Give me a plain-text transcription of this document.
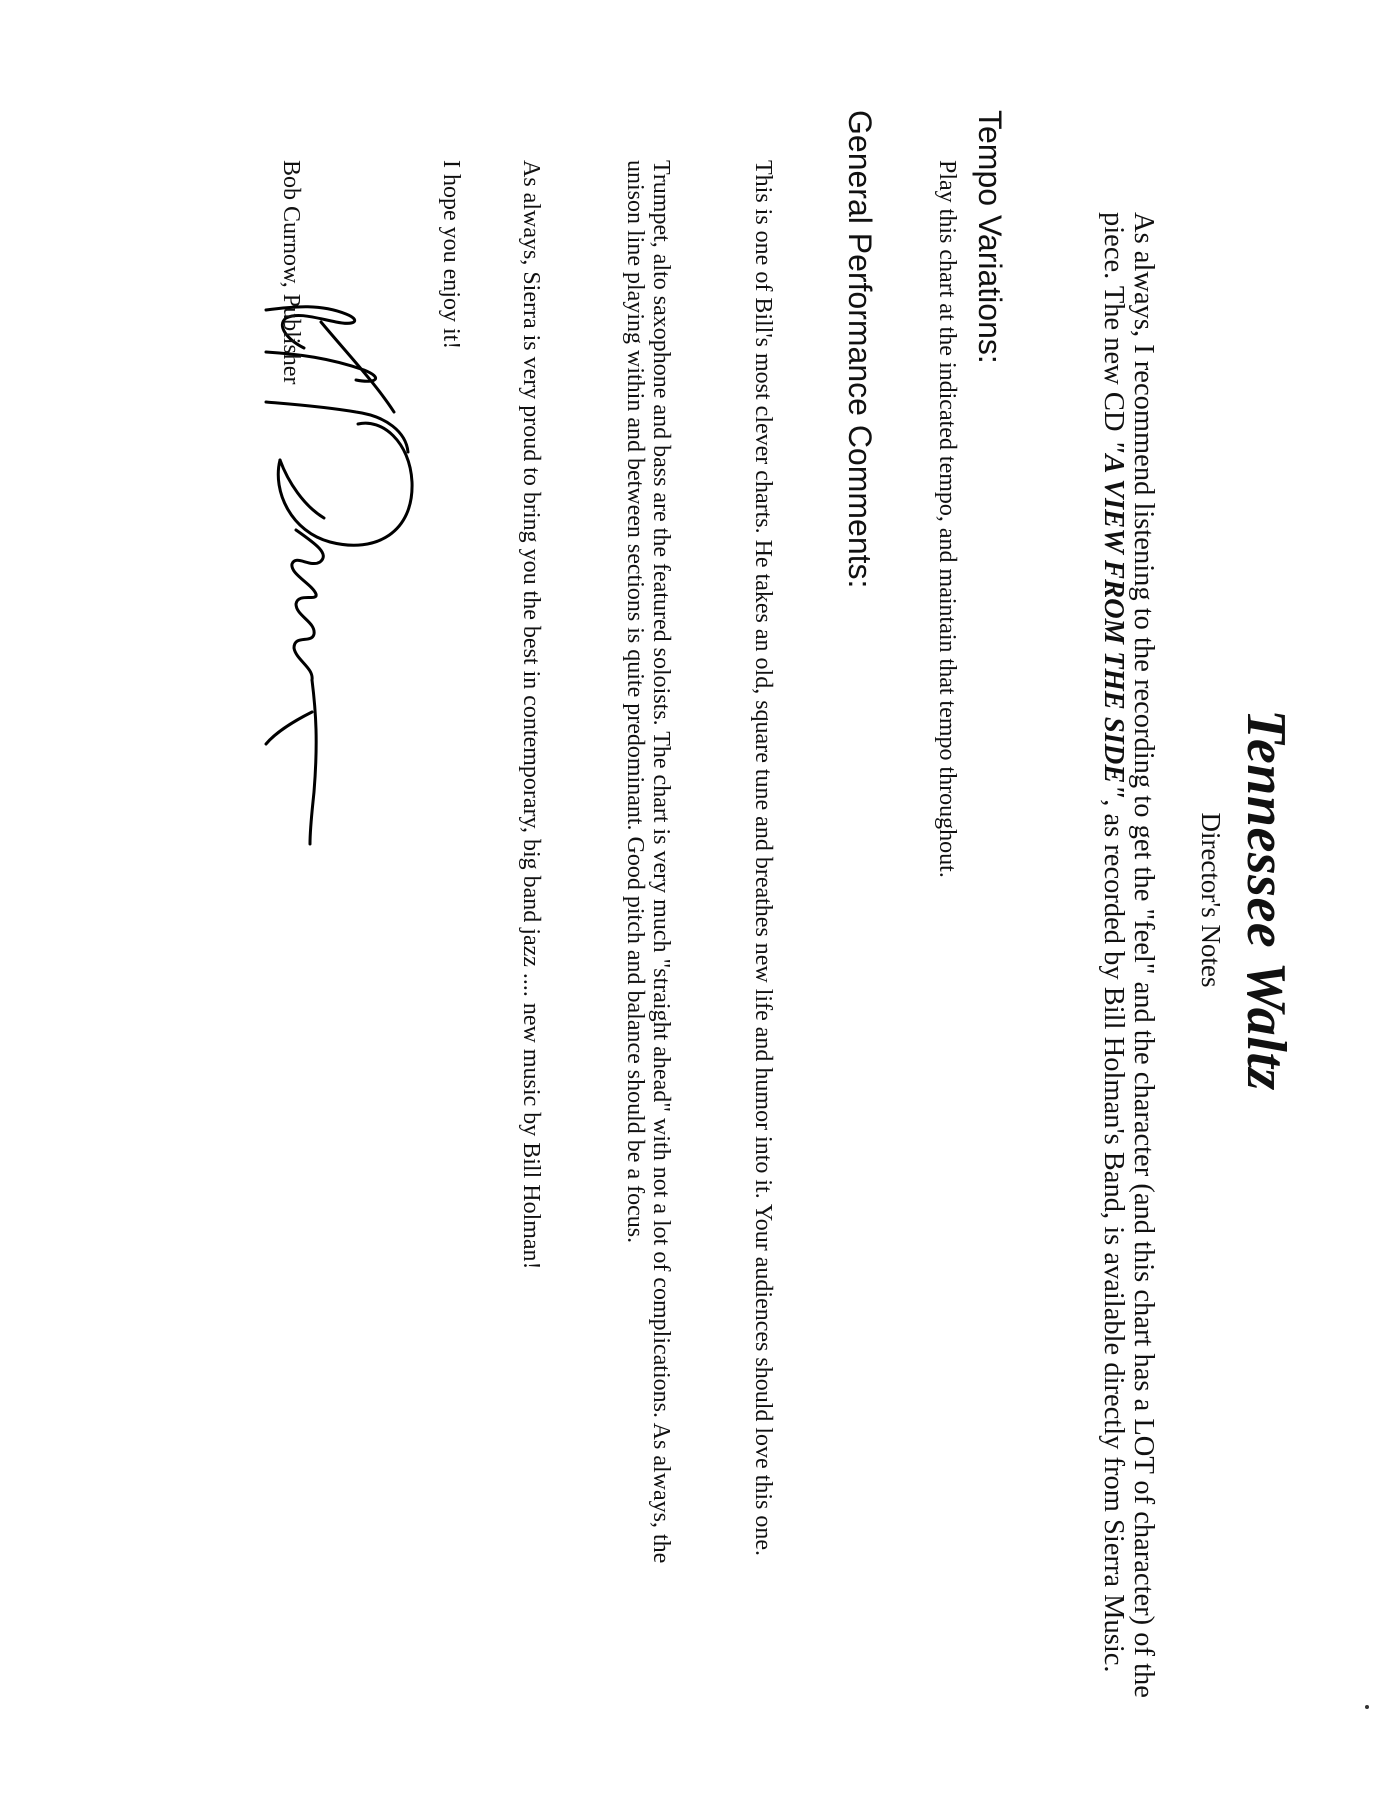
Tennessee Waltz
Director's Notes

As always, I recommend listening to the recording to get the "feel" and the character (and this chart has a LOT of character) of the piece. The new CD "A VIEW FROM THE SIDE", as recorded by Bill Holman's Band, is available directly from Sierra Music.

Tempo Variations:

Play this chart at the indicated tempo, and maintain that tempo throughout.

General Performance Comments:

This is one of Bill's most clever charts. He takes an old, square tune and breathes new life and humor into it. Your audiences should love this one.

Trumpet, alto saxophone and bass are the featured soloists. The chart is very much "straight ahead" with not a lot of complications. As always, the unison line playing within and between sections is quite predominant. Good pitch and balance should be a focus.

As always, Sierra is very proud to bring you the best in contemporary, big band jazz .... new music by Bill Holman!

I hope you enjoy it!

Bob Curnow, Publisher
